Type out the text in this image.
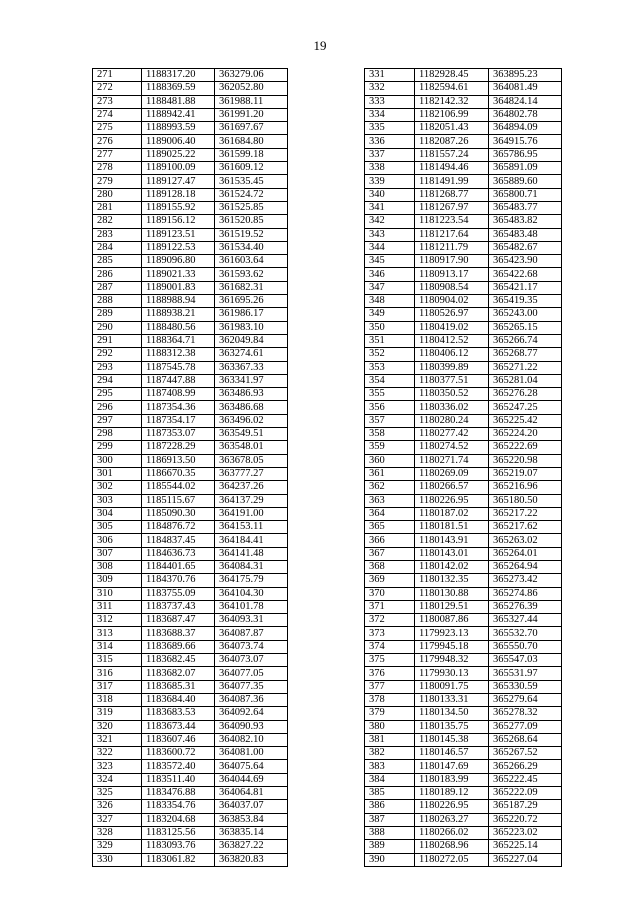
19
271	1188317.20	363279.06
272	1188369.59	362052.80
273	1188481.88	361988.11
274	1188942.41	361991.20
275	1188993.59	361697.67
276	1189006.40	361684.80
277	1189025.22	361599.18
278	1189100.09	361609.12
279	1189127.47	361535.45
280	1189128.18	361524.72
281	1189155.92	361525.85
282	1189156.12	361520.85
283	1189123.51	361519.52
284	1189122.53	361534.40
285	1189096.80	361603.64
286	1189021.33	361593.62
287	1189001.83	361682.31
288	1188988.94	361695.26
289	1188938.21	361986.17
290	1188480.56	361983.10
291	1188364.71	362049.84
292	1188312.38	363274.61
293	1187545.78	363367.33
294	1187447.88	363341.97
295	1187408.99	363486.93
296	1187354.36	363486.68
297	1187354.17	363496.02
298	1187353.07	363549.51
299	1187228.29	363548.01
300	1186913.50	363678.05
301	1186670.35	363777.27
302	1185544.02	364237.26
303	1185115.67	364137.29
304	1185090.30	364191.00
305	1184876.72	364153.11
306	1184837.45	364184.41
307	1184636.73	364141.48
308	1184401.65	364084.31
309	1184370.76	364175.79
310	1183755.09	364104.30
311	1183737.43	364101.78
312	1183687.47	364093.31
313	1183688.37	364087.87
314	1183689.66	364073.74
315	1183682.45	364073.07
316	1183682.07	364077.05
317	1183685.31	364077.35
318	1183684.40	364087.36
319	1183683.53	364092.64
320	1183673.44	364090.93
321	1183607.46	364082.10
322	1183600.72	364081.00
323	1183572.40	364075.64
324	1183511.40	364044.69
325	1183476.88	364064.81
326	1183354.76	364037.07
327	1183204.68	363853.84
328	1183125.56	363835.14
329	1183093.76	363827.22
330	1183061.82	363820.83
331	1182928.45	363895.23
332	1182594.61	364081.49
333	1182142.32	364824.14
334	1182106.99	364802.78
335	1182051.43	364894.09
336	1182087.26	364915.76
337	1181557.24	365786.95
338	1181494.46	365891.09
339	1181491.99	365889.60
340	1181268.77	365800.71
341	1181267.97	365483.77
342	1181223.54	365483.82
343	1181217.64	365483.48
344	1181211.79	365482.67
345	1180917.90	365423.90
346	1180913.17	365422.68
347	1180908.54	365421.17
348	1180904.02	365419.35
349	1180526.97	365243.00
350	1180419.02	365265.15
351	1180412.52	365266.74
352	1180406.12	365268.77
353	1180399.89	365271.22
354	1180377.51	365281.04
355	1180350.52	365276.28
356	1180336.02	365247.25
357	1180280.24	365225.42
358	1180277.42	365224.20
359	1180274.52	365222.69
360	1180271.74	365220.98
361	1180269.09	365219.07
362	1180266.57	365216.96
363	1180226.95	365180.50
364	1180187.02	365217.22
365	1180181.51	365217.62
366	1180143.91	365263.02
367	1180143.01	365264.01
368	1180142.02	365264.94
369	1180132.35	365273.42
370	1180130.88	365274.86
371	1180129.51	365276.39
372	1180087.86	365327.44
373	1179923.13	365532.70
374	1179945.18	365550.70
375	1179948.32	365547.03
376	1179930.13	365531.97
377	1180091.75	365330.59
378	1180133.31	365279.64
379	1180134.50	365278.32
380	1180135.75	365277.09
381	1180145.38	365268.64
382	1180146.57	365267.52
383	1180147.69	365266.29
384	1180183.99	365222.45
385	1180189.12	365222.09
386	1180226.95	365187.29
387	1180263.27	365220.72
388	1180266.02	365223.02
389	1180268.96	365225.14
390	1180272.05	365227.04
